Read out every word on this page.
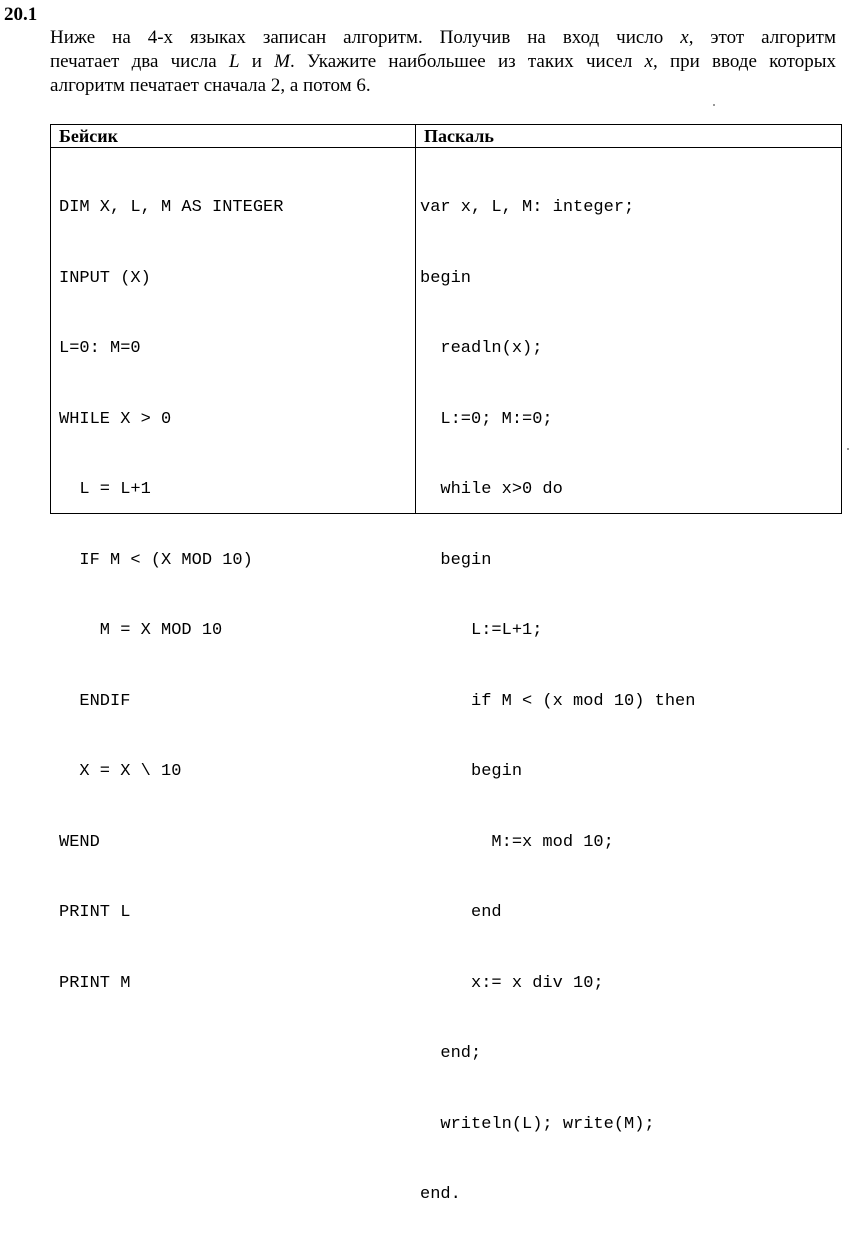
20.1
Ниже на 4-х языках записан алгоритм. Получив на вход число x, этот алгоритм
печатает два числа L и M. Укажите наибольшее из таких чисел x, при вводе которых
алгоритм печатает сначала 2, а потом 6.
Бейсик

DIM X, L, M AS INTEGER

INPUT (X)

L=0: M=0

WHILE X > 0

L = L+1

IF M < (X MOD 10)

M = X MOD 10

ENDIF

X = X \ 10

WEND

PRINT L

PRINT M

Паскаль

var x, L, M: integer;

begin

readln(x);

L:=0; M:=0;

while x>0 do

begin

L:=L+1;

if M < (x mod 10) then

begin

M:=x mod 10;

end

x:= x div 10;

end;

writeln(L); write(M);

end.
